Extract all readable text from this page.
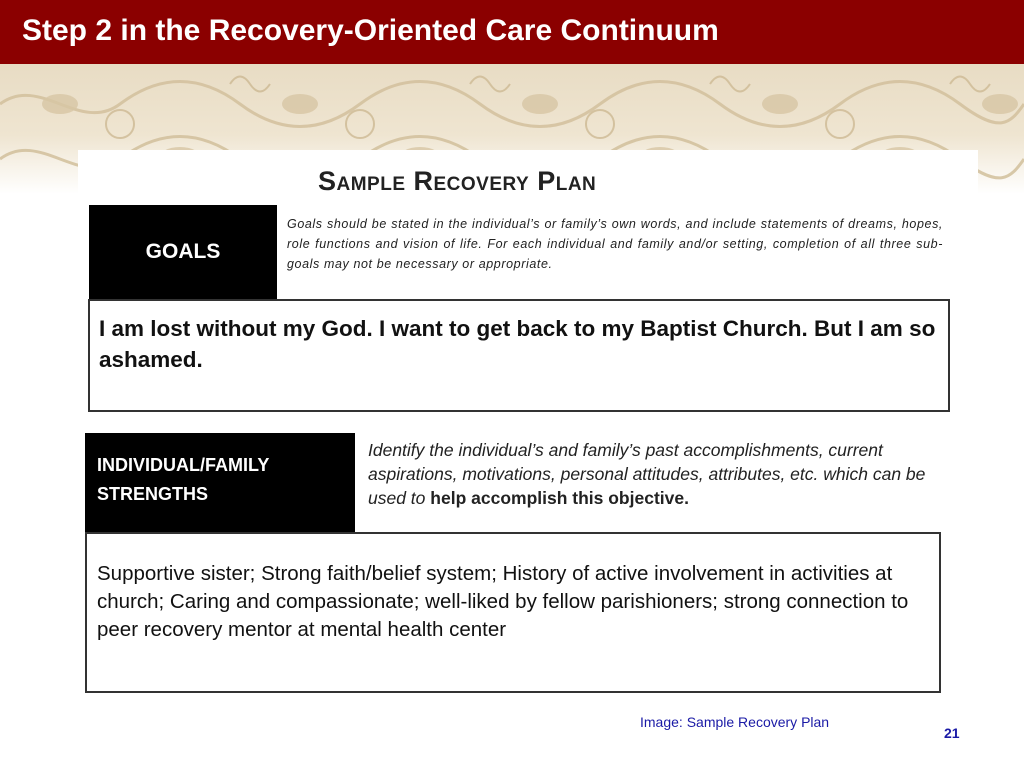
Step 2 in the Recovery-Oriented Care Continuum
Sample Recovery Plan
GOALS
Goals should be stated in the individual’s or family’s own words, and include statements of dreams, hopes, role functions and vision of life. For each individual and family and/or setting, completion of all three sub-goals may not be necessary or appropriate.
I am lost without my God. I want to get back to my Baptist Church. But I am so ashamed.
INDIVIDUAL/FAMILY
STRENGTHS
Identify the individual’s and family’s past accomplishments, current aspirations, motivations, personal attitudes, attributes, etc. which can be used to help accomplish this objective.
Supportive sister; Strong faith/belief system; History of active involvement in activities at church; Caring and compassionate; well-liked by fellow parishioners; strong connection to peer recovery mentor at mental health center
Image: Sample Recovery Plan
21
